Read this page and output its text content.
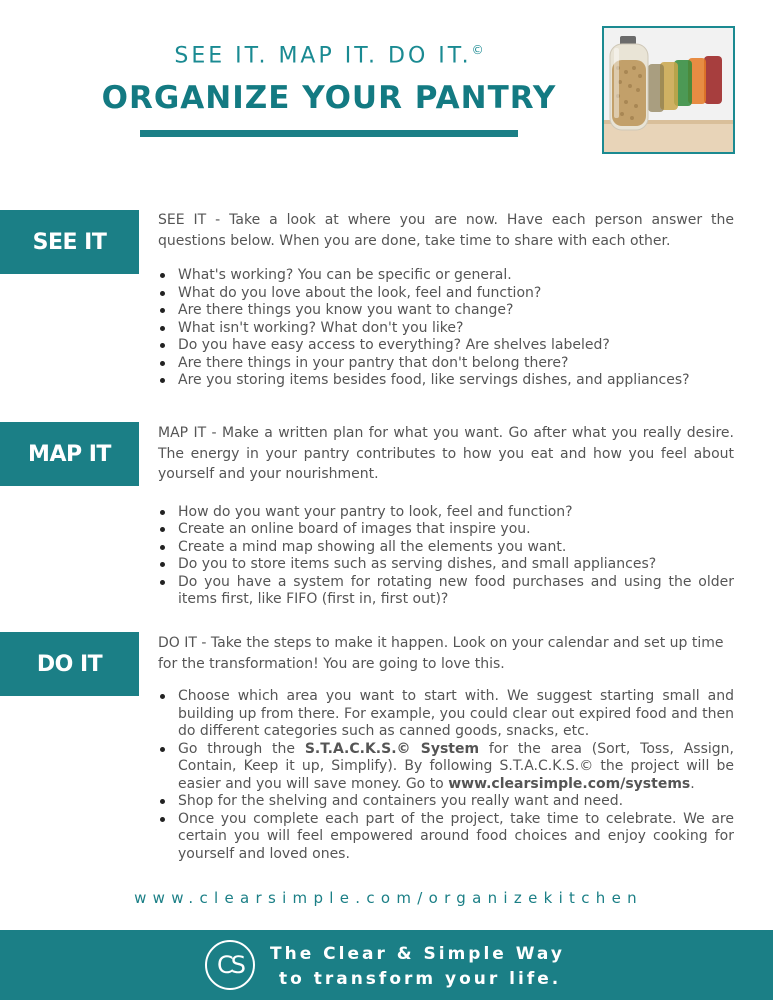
SEE IT. MAP IT. DO IT.©
ORGANIZE YOUR PANTRY
SEE IT

SEE IT - Take a look at where you are now. Have each person answer the questions below. When you are done, take time to share with each other.

What's working? You can be specific or general.
What do you love about the look, feel and function?
Are there things you know you want to change?
What isn't working? What don't you like?
Do you have easy access to everything? Are shelves labeled?
Are there things in your pantry that don't belong there?
Are you storing items besides food, like servings dishes, and appliances?
MAP IT

MAP IT - Make a written plan for what you want. Go after what you really desire. The energy in your pantry contributes to how you eat and how you feel about yourself and your nourishment.

How do you want your pantry to look, feel and function?
Create an online board of images that inspire you.
Create a mind map showing all the elements you want.
Do you to store items such as serving dishes, and small appliances?
Do you have a system for rotating new food purchases and using the older items first, like FIFO (first in, first out)?
DO IT

DO IT - Take the steps to make it happen. Look on your calendar and set up time for the transformation! You are going to love this.

Choose which area you want to start with. We suggest starting small and building up from there. For example, you could clear out expired food and then do different categories such as canned goods, snacks, etc.
Go through the S.T.A.C.K.S.© System for the area (Sort, Toss, Assign, Contain, Keep it up, Simplify). By following S.T.A.C.K.S.© the project will be easier and you will save money. Go to www.clearsimple.com/systems.
Shop for the shelving and containers you really want and need.
Once you complete each part of the project, take time to celebrate. We are certain you will feel empowered around food choices and enjoy cooking for yourself and loved ones.
www.clearsimple.com/organizekitchen
CS	The Clear & Simple Way
to transform your life.
